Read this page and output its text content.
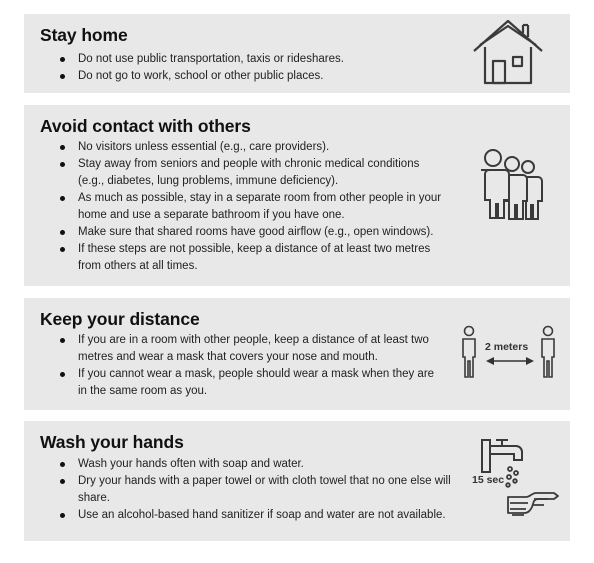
Stay home
Do not use public transportation, taxis or rideshares.
Do not go to work, school or other public places.
Avoid contact with others
No visitors unless essential (e.g., care providers).
Stay away from seniors and people with chronic medical conditions (e.g., diabetes, lung problems, immune deficiency).
As much as possible, stay in a separate room from other people in your home and use a separate bathroom if you have one.
Make sure that shared rooms have good airflow (e.g., open windows).
If these steps are not possible, keep a distance of at least two metres from others at all times.
Keep your distance
If you are in a room with other people, keep a distance of at least two metres and wear a mask that covers your nose and mouth.
If you cannot wear a mask, people should wear a mask when they are in the same room as you.
2 meters
Wash your hands
Wash your hands often with soap and water.
Dry your hands with a paper towel or with cloth towel that no one else will share.
Use an alcohol-based hand sanitizer if soap and water are not available.
15 sec
